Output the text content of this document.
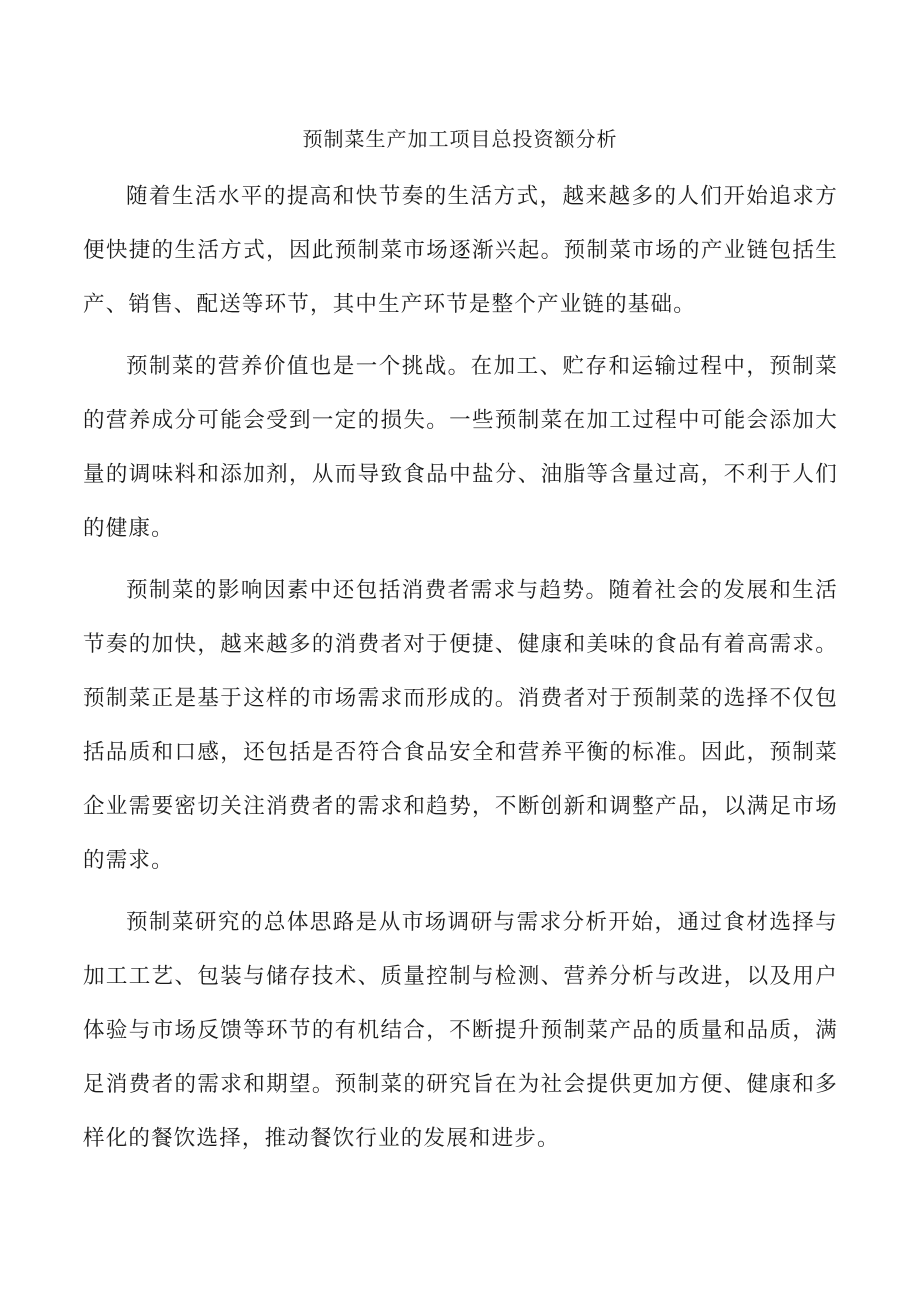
预制菜生产加工项目总投资额分析

随着生活水平的提高和快节奏的生活方式，越来越多的人们开始追求方便快捷的生活方式，因此预制菜市场逐渐兴起。预制菜市场的产业链包括生产、销售、配送等环节，其中生产环节是整个产业链的基础。

预制菜的营养价值也是一个挑战。在加工、贮存和运输过程中，预制菜的营养成分可能会受到一定的损失。一些预制菜在加工过程中可能会添加大量的调味料和添加剂，从而导致食品中盐分、油脂等含量过高，不利于人们的健康。

预制菜的影响因素中还包括消费者需求与趋势。随着社会的发展和生活节奏的加快，越来越多的消费者对于便捷、健康和美味的食品有着高需求。预制菜正是基于这样的市场需求而形成的。消费者对于预制菜的选择不仅包括品质和口感，还包括是否符合食品安全和营养平衡的标准。因此，预制菜企业需要密切关注消费者的需求和趋势，不断创新和调整产品，以满足市场的需求。

预制菜研究的总体思路是从市场调研与需求分析开始，通过食材选择与加工工艺、包装与储存技术、质量控制与检测、营养分析与改进，以及用户体验与市场反馈等环节的有机结合，不断提升预制菜产品的质量和品质，满足消费者的需求和期望。预制菜的研究旨在为社会提供更加方便、健康和多样化的餐饮选择，推动餐饮行业的发展和进步。
